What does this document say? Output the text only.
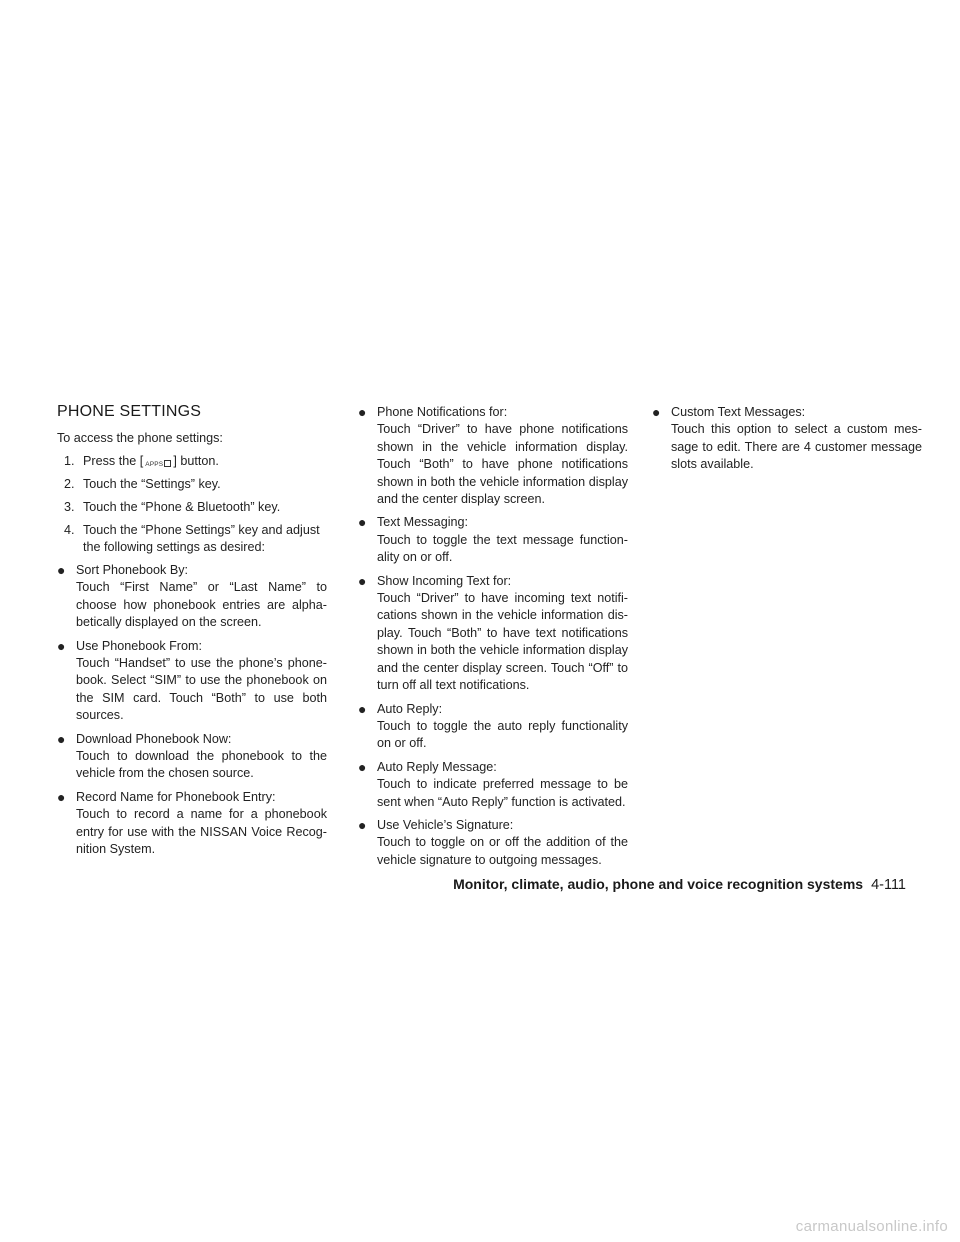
PHONE SETTINGS
To access the phone settings:
1. Press the [ APPS ] button.
2. Touch the “Settings” key.
3. Touch the “Phone & Bluetooth” key.
4. Touch the “Phone Settings” key and adjust the following settings as desired:
● Sort Phonebook By:
Touch “First Name” or “Last Name” to choose how phonebook entries are alpha-betically displayed on the screen.
● Use Phonebook From:
Touch “Handset” to use the phone’s phone-book. Select “SIM” to use the phonebook on the SIM card. Touch “Both” to use both sources.
● Download Phonebook Now:
Touch to download the phonebook to the vehicle from the chosen source.
● Record Name for Phonebook Entry:
Touch to record a name for a phonebook entry for use with the NISSAN Voice Recog-nition System.
● Phone Notifications for:
Touch “Driver” to have phone notifications shown in the vehicle information display. Touch “Both” to have phone notifications shown in both the vehicle information display and the center display screen.
● Text Messaging:
Touch to toggle the text message function-ality on or off.
● Show Incoming Text for:
Touch “Driver” to have incoming text notifi-cations shown in the vehicle information dis-play. Touch “Both” to have text notifications shown in both the vehicle information display and the center display screen. Touch “Off” to turn off all text notifications.
● Auto Reply:
Touch to toggle the auto reply functionality on or off.
● Auto Reply Message:
Touch to indicate preferred message to be sent when “Auto Reply” function is activated.
● Use Vehicle’s Signature:
Touch to toggle on or off the addition of the vehicle signature to outgoing messages.
● Custom Text Messages:
Touch this option to select a custom mes-sage to edit. There are 4 customer message slots available.
Monitor, climate, audio, phone and voice recognition systems 4-111
carmanualsonline.info
